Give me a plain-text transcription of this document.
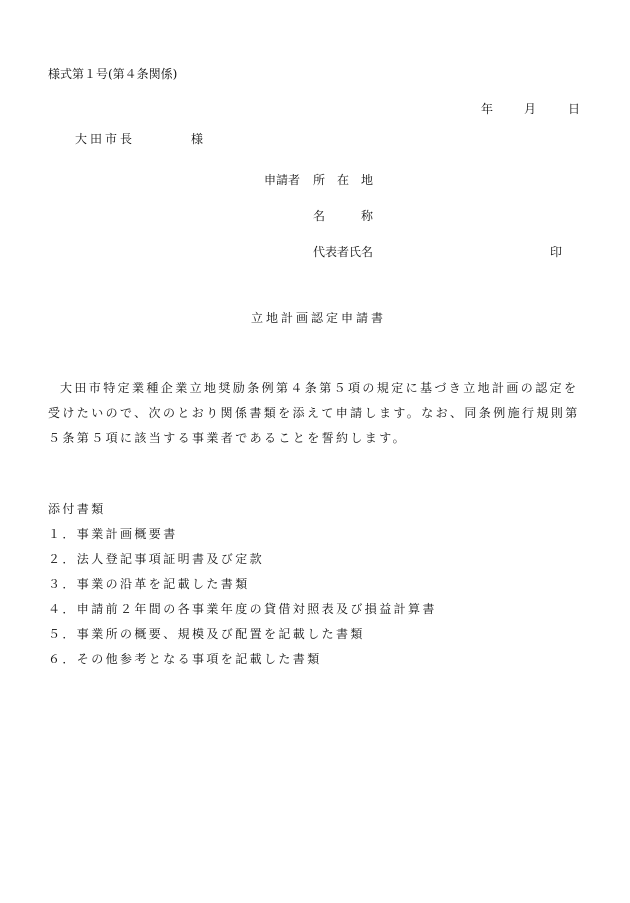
様式第１号(第４条関係)
年	月	日
大田市長	様
申請者 所　在　地
名　　　称
代表者氏名	印
立地計画認定申請書
大田市特定業種企業立地奨励条例第４条第５項の規定に基づき立地計画の認定を
受けたいので、次のとおり関係書類を添えて申請します。なお、同条例施行規則第
５条第５項に該当する事業者であることを誓約します。
添付書類
１．事業計画概要書
２．法人登記事項証明書及び定款
３．事業の沿革を記載した書類
４．申請前２年間の各事業年度の貸借対照表及び損益計算書
５．事業所の概要、規模及び配置を記載した書類
６．その他参考となる事項を記載した書類
